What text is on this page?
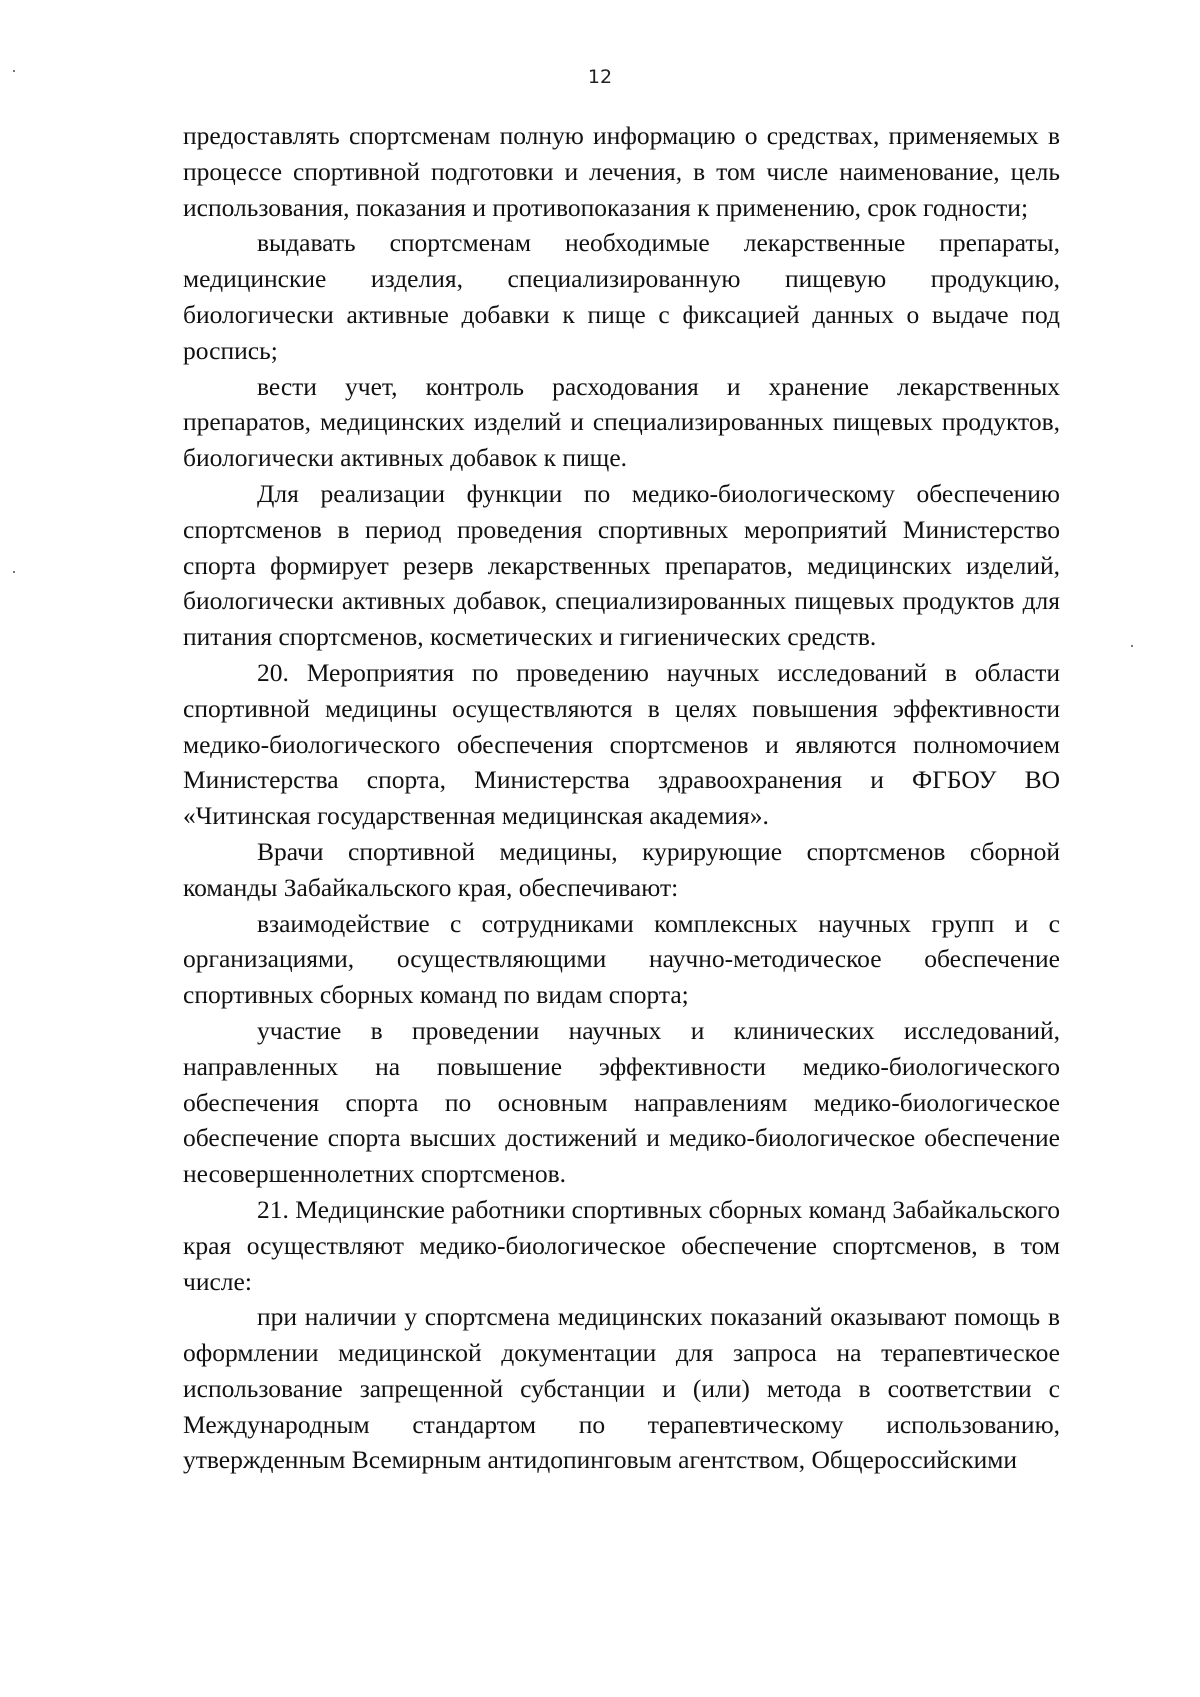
12

предоставлять спортсменам полную информацию о средствах, применяемых в процессе спортивной подготовки и лечения, в том числе наименование, цель использования, показания и противопоказания к применению, срок годности;

выдавать спортсменам необходимые лекарственные препараты, медицинские изделия, специализированную пищевую продукцию, биологически активные добавки к пище с фиксацией данных о выдаче под роспись;

вести учет, контроль расходования и хранение лекарственных препаратов, медицинских изделий и специализированных пищевых продуктов, биологически активных добавок к пище.

Для реализации функции по медико-биологическому обеспечению спортсменов в период проведения спортивных мероприятий Министерство спорта формирует резерв лекарственных препаратов, медицинских изделий, биологически активных добавок, специализированных пищевых продуктов для питания спортсменов, косметических и гигиенических средств.

20. Мероприятия по проведению научных исследований в области спортивной медицины осуществляются в целях повышения эффективности медико-биологического обеспечения спортсменов и являются полномочием Министерства спорта, Министерства здравоохранения и ФГБОУ ВО «Читинская государственная медицинская академия».

Врачи спортивной медицины, курирующие спортсменов сборной команды Забайкальского края, обеспечивают:

взаимодействие с сотрудниками комплексных научных групп и с организациями, осуществляющими научно-методическое обеспечение спортивных сборных команд по видам спорта;

участие в проведении научных и клинических исследований, направленных на повышение эффективности медико-биологического обеспечения спорта по основным направлениям медико-биологическое обеспечение спорта высших достижений и медико-биологическое обеспечение несовершеннолетних спортсменов.

21. Медицинские работники спортивных сборных команд Забайкальского края осуществляют медико-биологическое обеспечение спортсменов, в том числе:

при наличии у спортсмена медицинских показаний оказывают помощь в оформлении медицинской документации для запроса на терапевтическое использование запрещенной субстанции и (или) метода в соответствии с Международным стандартом по терапевтическому использованию, утвержденным Всемирным антидопинговым агентством, Общероссийскими
